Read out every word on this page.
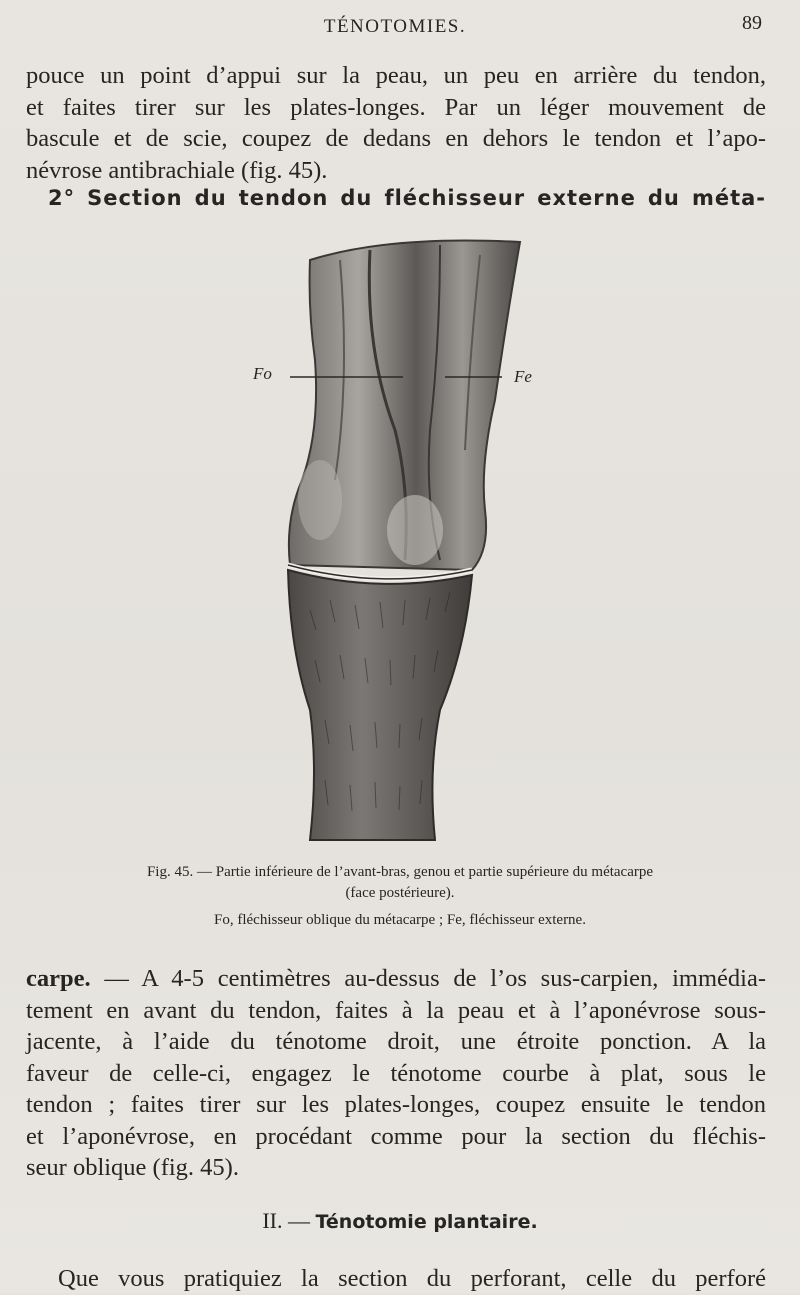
TÉNOTOMIES.	89

pouce un point d’appui sur la peau, un peu en arrière du tendon,
et faites tirer sur les plates-longes. Par un léger mouvement de
bascule et de scie, coupez de dedans en dehors le tendon et l’apo-
névrose antibrachiale (fig. 45).

2° Section du tendon du fléchisseur externe du méta-
Fo	Fe
Fig. 45. — Partie inférieure de l’avant-bras, genou et partie supérieure du métacarpe
(face postérieure).
Fo, fléchisseur oblique du métacarpe ; Fe, fléchisseur externe.

carpe. — A 4-5 centimètres au-dessus de l’os sus-carpien, immédia-
tement en avant du tendon, faites à la peau et à l’aponévrose sous-
jacente, à l’aide du ténotome droit, une étroite ponction. A la
faveur de celle-ci, engagez le ténotome courbe à plat, sous le
tendon ; faites tirer sur les plates-longes, coupez ensuite le tendon
et l’aponévrose, en procédant comme pour la section du fléchis-
seur oblique (fig. 45).

II. — Ténotomie plantaire.

Que vous pratiquiez la section du perforant, celle du perforé
